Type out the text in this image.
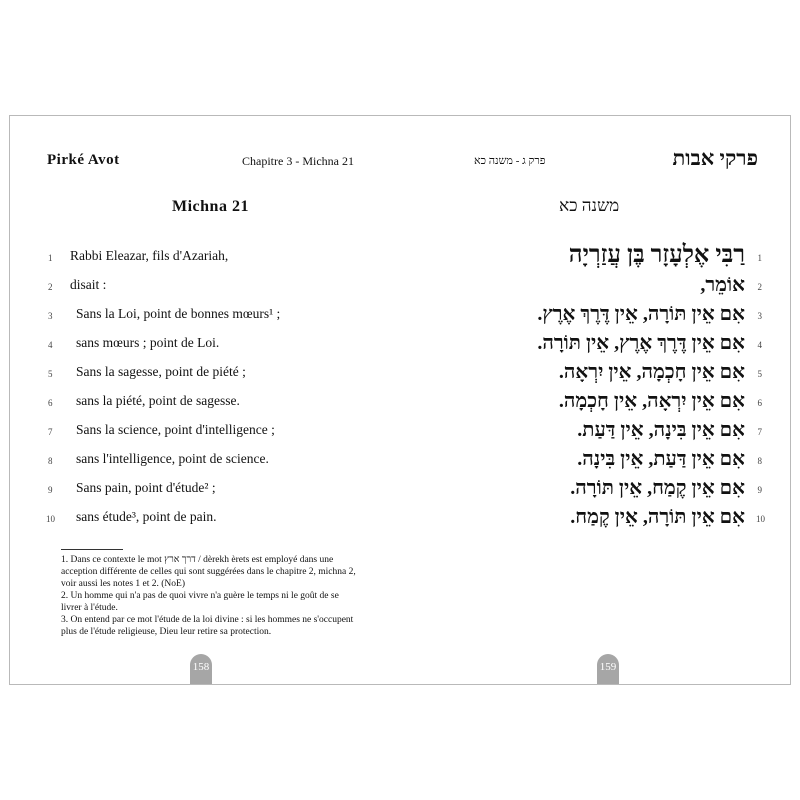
Pirké Avot	Chapitre 3 - Michna 21
Michna 21
1 Rabbi Eleazar, fils d'Azariah,
2 disait :
3 Sans la Loi, point de bonnes mœurs¹ ;
4 sans mœurs ; point de Loi.
5 Sans la sagesse, point de piété ;
6 sans la piété, point de sagesse.
7 Sans la science, point d'intelligence ;
8 sans l'intelligence, point de science.
9 Sans pain, point d'étude² ;
10 sans étude³, point de pain.

1. Dans ce contexte le mot דרך ארץ / dèrekh èrets est employé dans une acception différente de celles qui sont suggérées dans le chapitre 2, michna 2, voir aussi les notes 1 et 2. (NoE)

2. Un homme qui n'a pas de quoi vivre n'a guère le temps ni le goût de se livrer à l'étude.

3. On entend par ce mot l'étude de la loi divine : si les hommes ne s'occupent plus de l'étude religieuse, Dieu leur retire sa protection.

158
פרק ג - משנה כא	פרקי אבות
משנה כא
רַבִּי אֶלְעָזָר בֶּן עֲזַרְיָה 1
אוֹמֵר, 2
אִם אֵין תּוֹרָה, אֵין דֶּרֶךְ אֶרֶץ. 3
אִם אֵין דֶּרֶךְ אֶרֶץ, אֵין תּוֹרָה. 4
אִם אֵין חָכְמָה, אֵין יִרְאָה. 5
אִם אֵין יִרְאָה, אֵין חָכְמָה. 6
אִם אֵין בִּינָה, אֵין דַּעַת. 7
אִם אֵין דַּעַת, אֵין בִּינָה. 8
אִם אֵין קֶמַח, אֵין תּוֹרָה. 9
אִם אֵין תּוֹרָה, אֵין קֶמַח. 10
159
